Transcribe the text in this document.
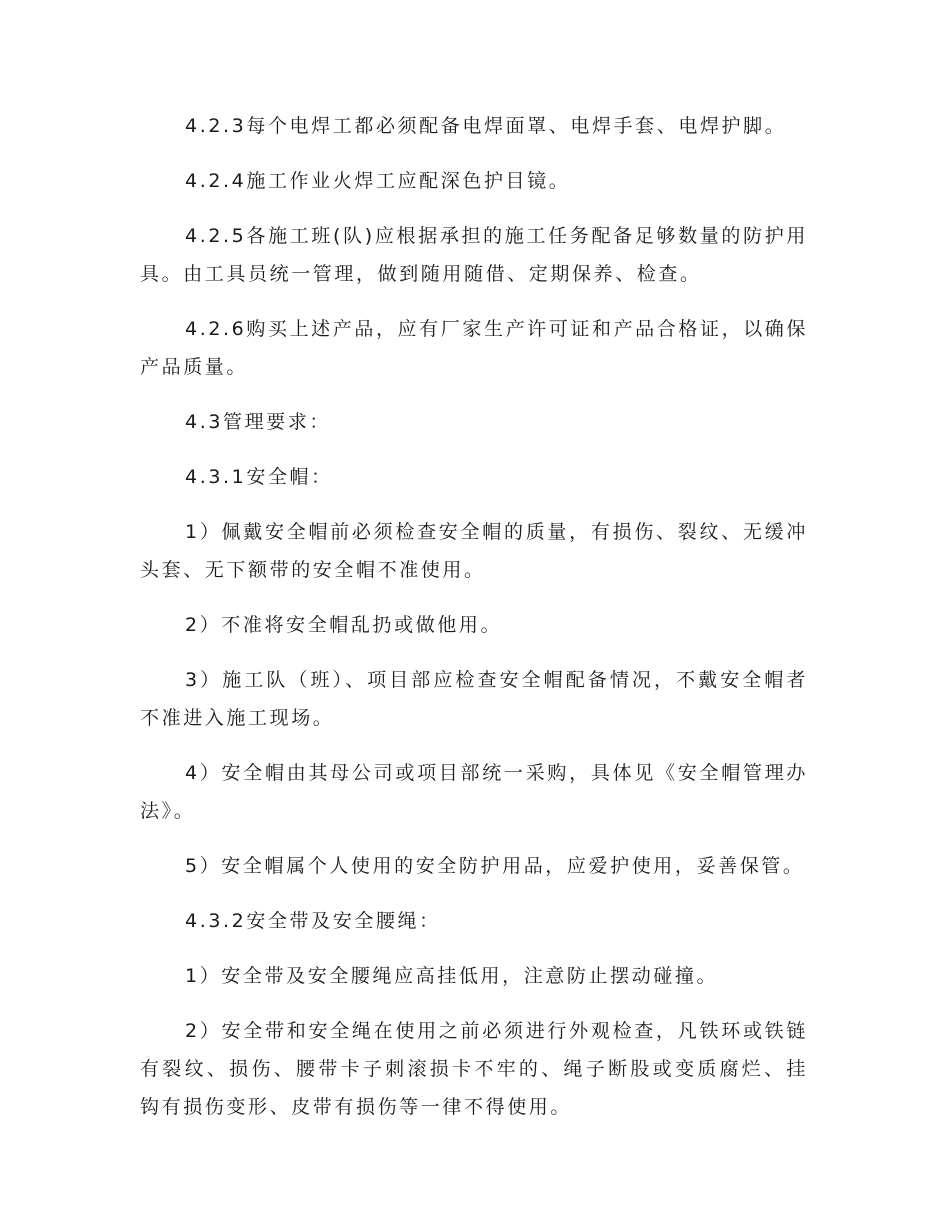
4.2.3每个电焊工都必须配备电焊面罩、电焊手套、电焊护脚。

4.2.4施工作业火焊工应配深色护目镜。

4.2.5各施工班(队)应根据承担的施工任务配备足够数量的防护用具。由工具员统一管理，做到随用随借、定期保养、检查。

4.2.6购买上述产品，应有厂家生产许可证和产品合格证，以确保产品质量。

4.3管理要求：

4.3.1安全帽：

1）佩戴安全帽前必须检查安全帽的质量，有损伤、裂纹、无缓冲头套、无下额带的安全帽不准使用。

2）不准将安全帽乱扔或做他用。

3）施工队（班）、项目部应检查安全帽配备情况，不戴安全帽者不准进入施工现场。

4）安全帽由其母公司或项目部统一采购，具体见《安全帽管理办法》。

5）安全帽属个人使用的安全防护用品，应爱护使用，妥善保管。

4.3.2安全带及安全腰绳：

1）安全带及安全腰绳应高挂低用，注意防止摆动碰撞。

2）安全带和安全绳在使用之前必须进行外观检查，凡铁环或铁链有裂纹、损伤、腰带卡子刺滚损卡不牢的、绳子断股或变质腐烂、挂钩有损伤变形、皮带有损伤等一律不得使用。
